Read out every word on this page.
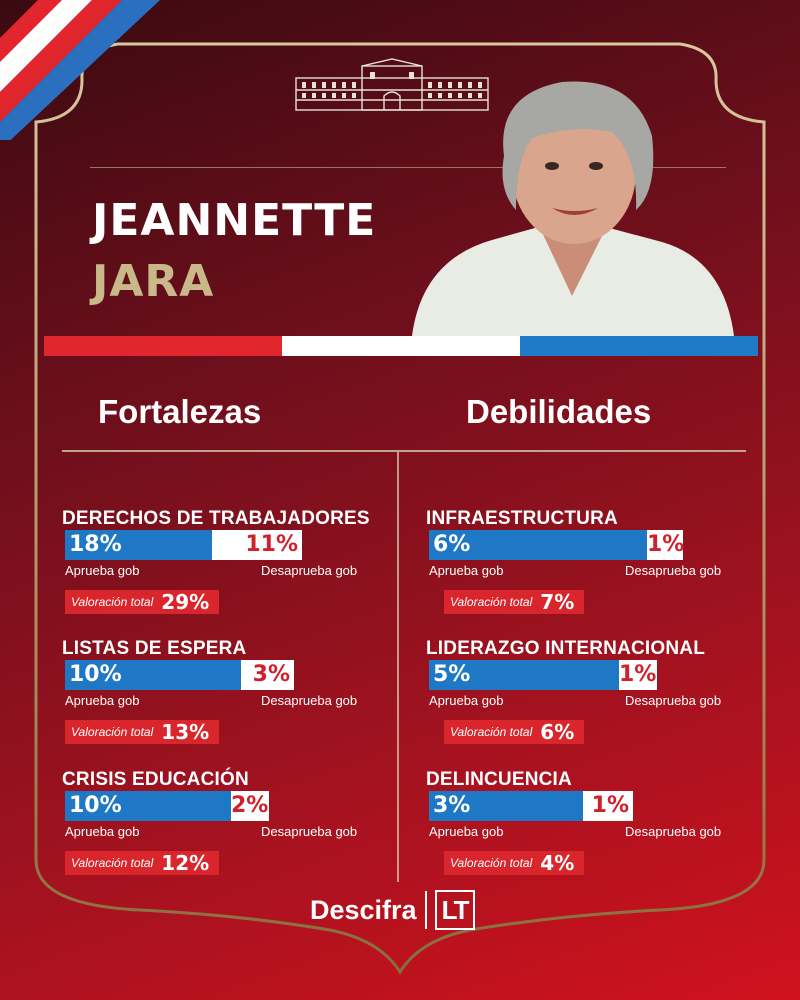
JEANNETTE
JARA
Fortalezas	Debilidades
DERECHOS DE TRABAJADORES
18%	11%
Aprueba gob	Desaprueba gob
Valoración total 29%
LISTAS DE ESPERA
10%	3%
Aprueba gob	Desaprueba gob
Valoración total 13%
CRISIS EDUCACIÓN
10%	2%
Aprueba gob	Desaprueba gob
Valoración total 12%
INFRAESTRUCTURA
6%	1%
Aprueba gob	Desaprueba gob
Valoración total 7%
LIDERAZGO INTERNACIONAL
5%	1%
Aprueba gob	Desaprueba gob
Valoración total 6%
DELINCUENCIA
3%	1%
Aprueba gob	Desaprueba gob
Valoración total 4%
Descifra LT
